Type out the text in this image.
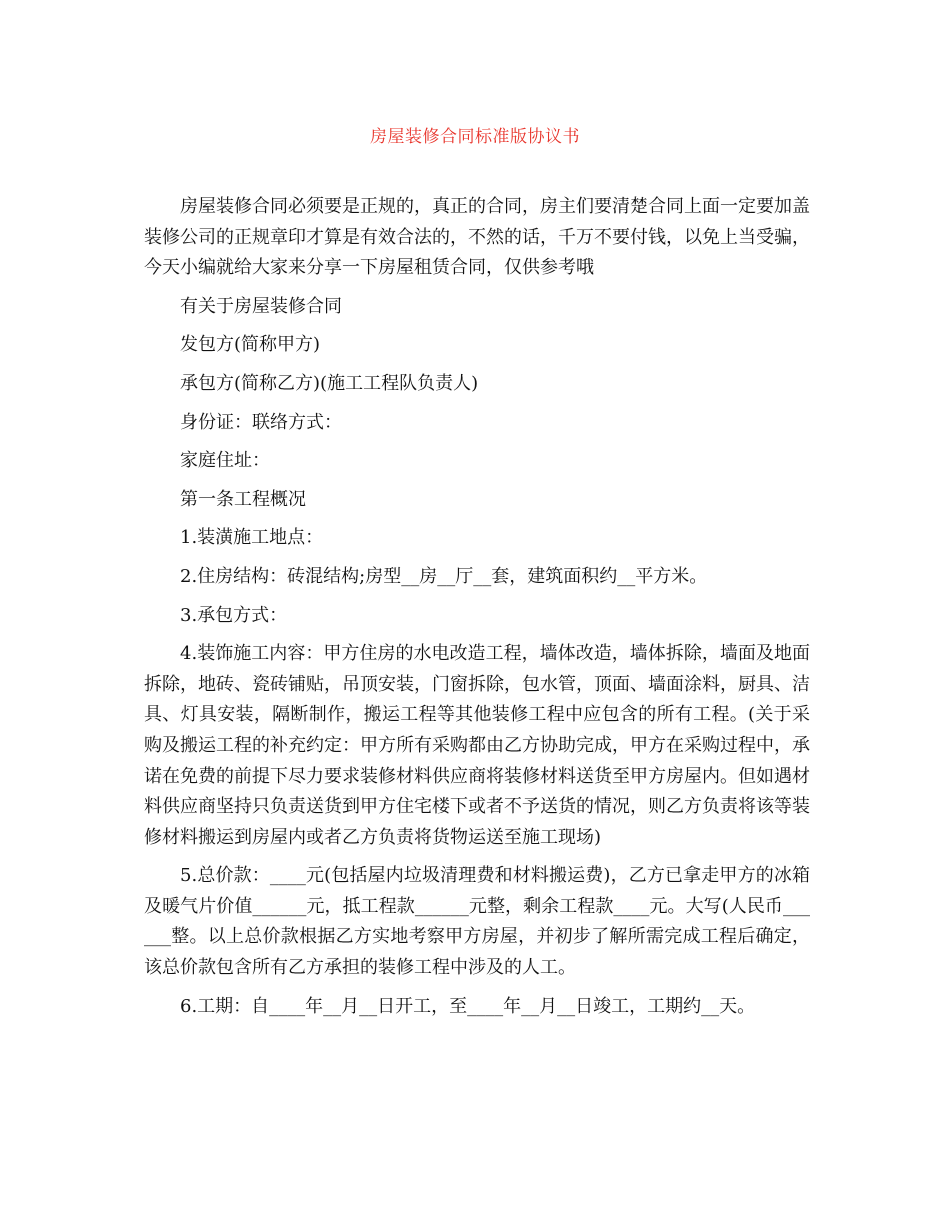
房屋装修合同标准版协议书

房屋装修合同必须要是正规的，真正的合同，房主们要清楚合同上面一定要加盖装修公司的正规章印才算是有效合法的，不然的话，千万不要付钱，以免上当受骗，今天小编就给大家来分享一下房屋租赁合同，仅供参考哦

有关于房屋装修合同

发包方(简称甲方)

承包方(简称乙方)(施工工程队负责人)

身份证：联络方式：

家庭住址：

第一条工程概况

1.装潢施工地点：

2.住房结构：砖混结构;房型__房__厅__套，建筑面积约__平方米。

3.承包方式：

4.装饰施工内容：甲方住房的水电改造工程，墙体改造，墙体拆除，墙面及地面拆除，地砖、瓷砖铺贴，吊顶安装，门窗拆除，包水管，顶面、墙面涂料，厨具、洁具、灯具安装，隔断制作，搬运工程等其他装修工程中应包含的所有工程。(关于采购及搬运工程的补充约定：甲方所有采购都由乙方协助完成，甲方在采购过程中，承诺在免费的前提下尽力要求装修材料供应商将装修材料送货至甲方房屋内。但如遇材料供应商坚持只负责送货到甲方住宅楼下或者不予送货的情况，则乙方负责将该等装修材料搬运到房屋内或者乙方负责将货物运送至施工现场)

5.总价款：____元(包括屋内垃圾清理费和材料搬运费)，乙方已拿走甲方的冰箱及暖气片价值______元，抵工程款______元整，剩余工程款____元。大写(人民币______整。以上总价款根据乙方实地考察甲方房屋，并初步了解所需完成工程后确定，该总价款包含所有乙方承担的装修工程中涉及的人工。

6.工期：自____年__月__日开工，至____年__月__日竣工，工期约__天。
